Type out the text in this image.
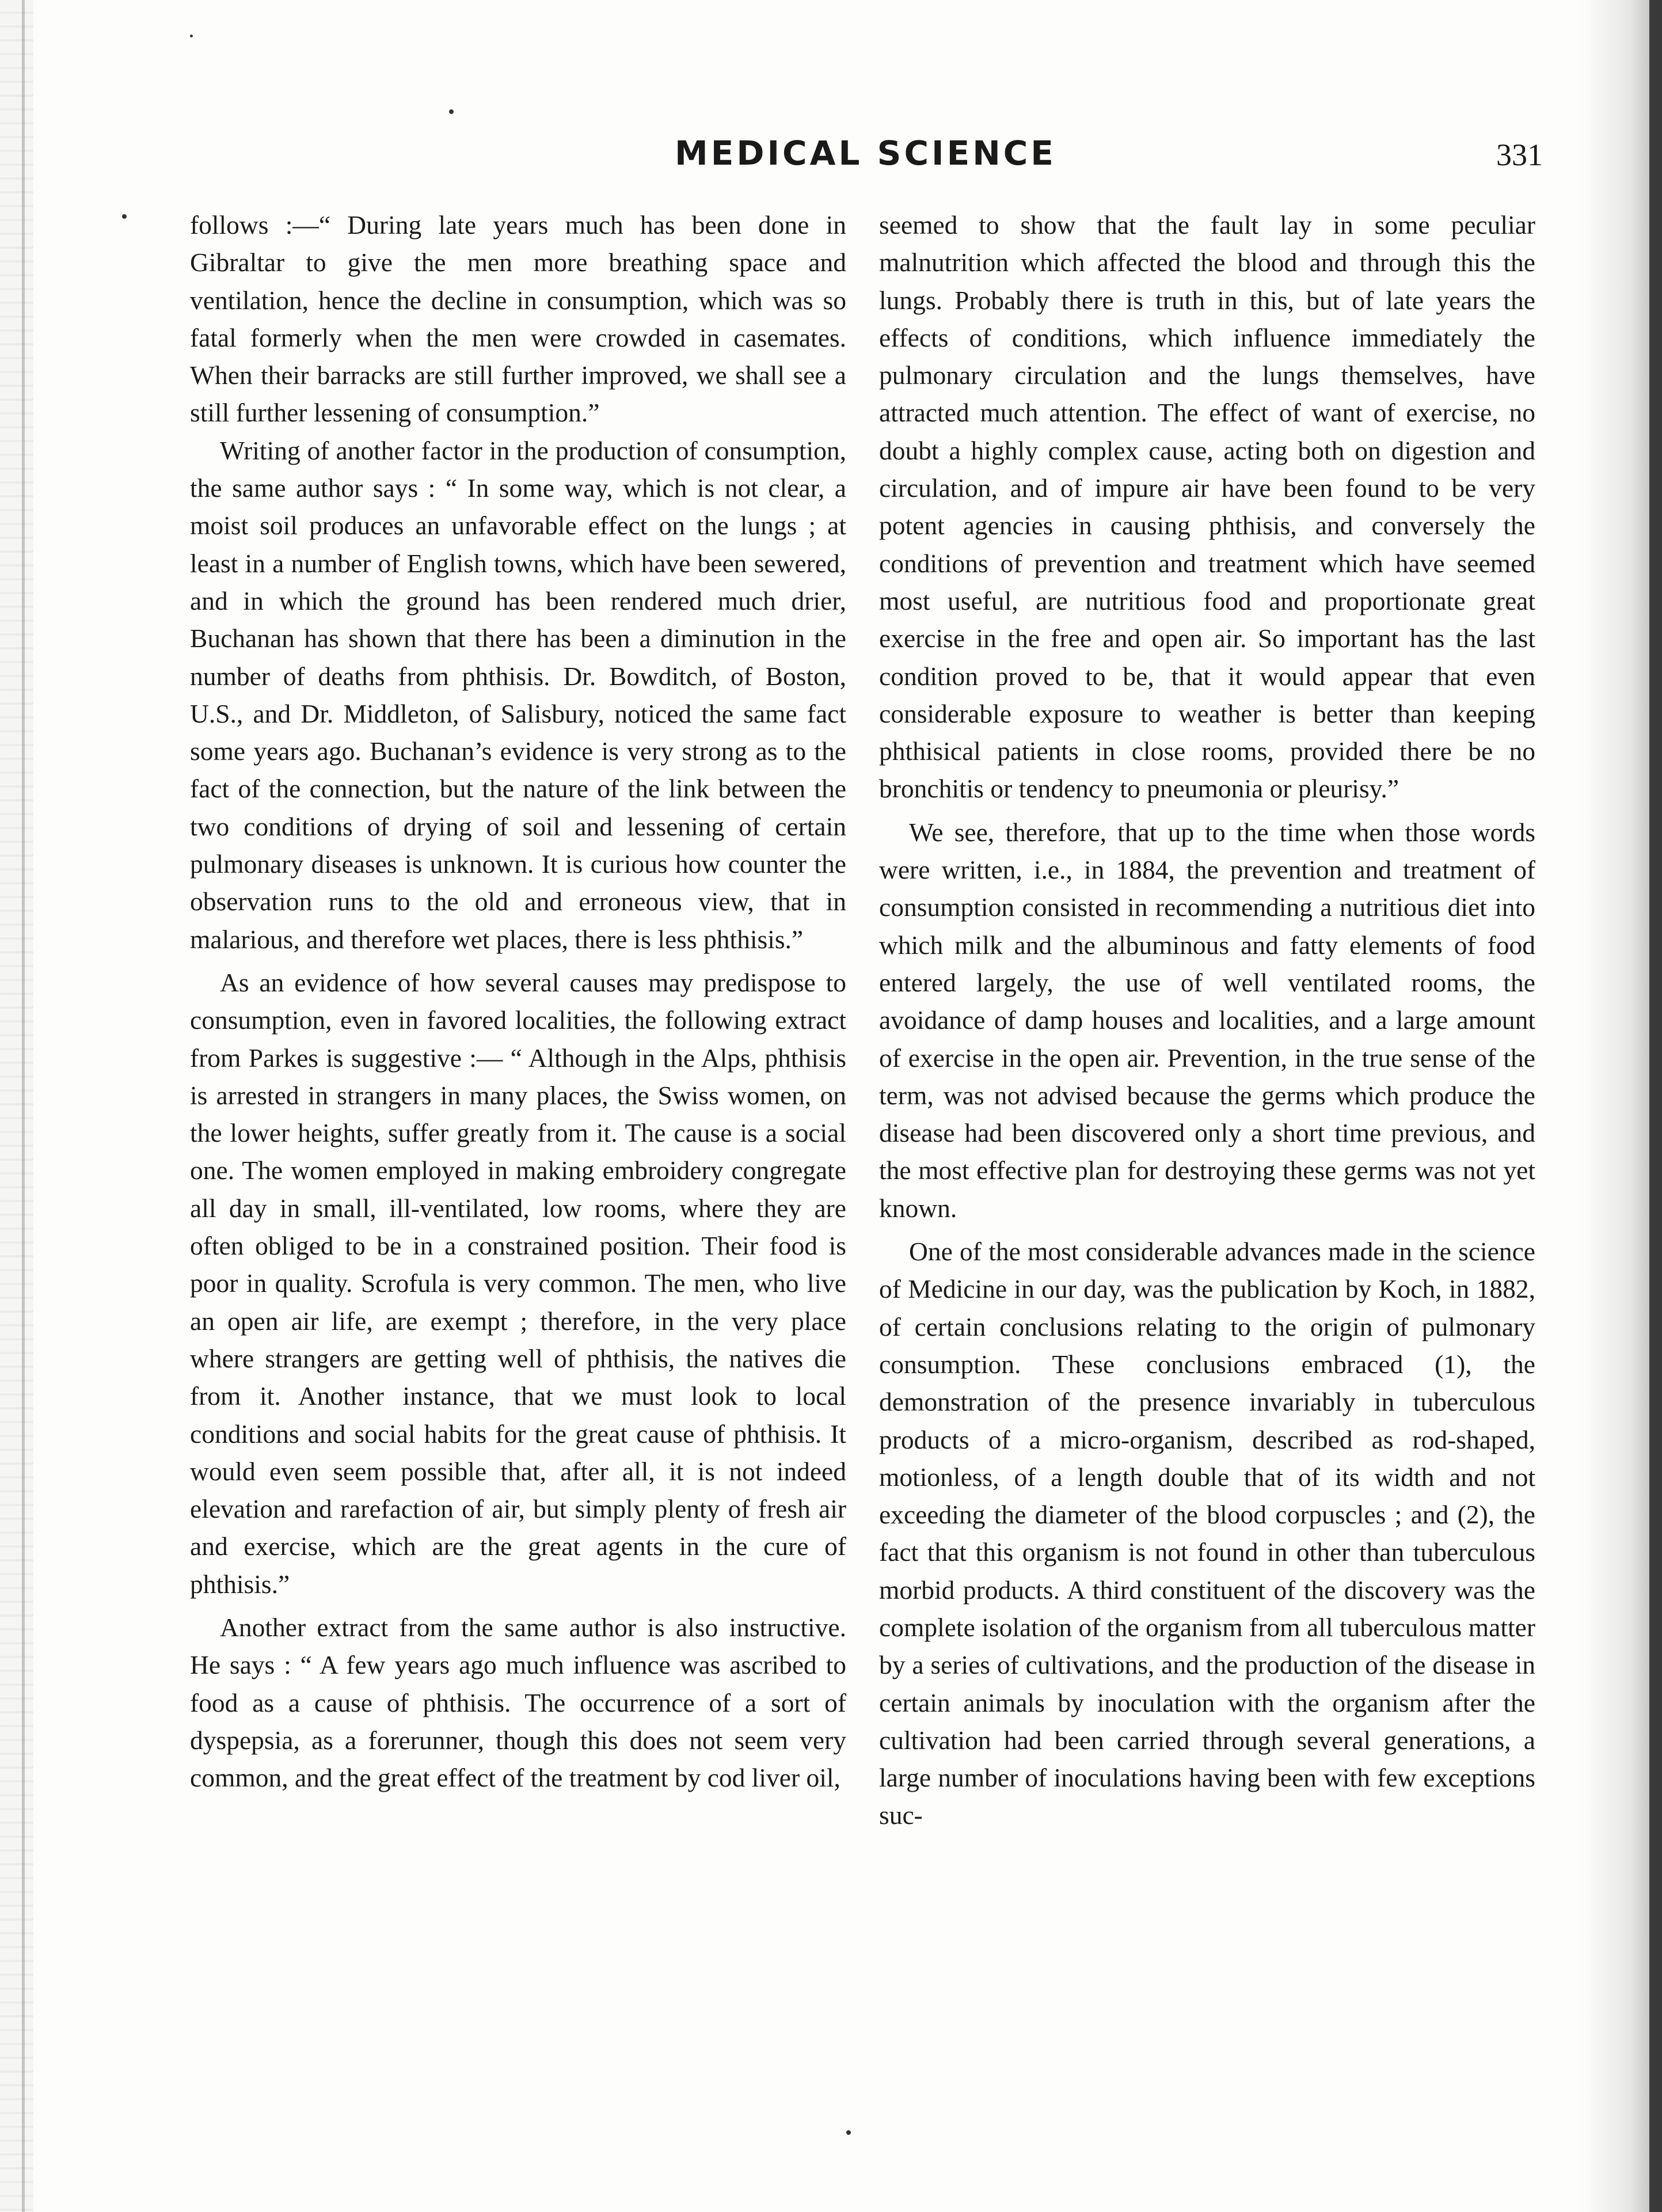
MEDICAL SCIENCE	331

follows :—“ During late years much has been done in Gibraltar to give the men more breathing space and ventilation, hence the decline in consumption, which was so fatal formerly when the men were crowded in casemates. When their barracks are still further improved, we shall see a still further lessening of consumption.”

Writing of another factor in the production of consumption, the same author says : “ In some way, which is not clear, a moist soil produces an unfavorable effect on the lungs ; at least in a number of English towns, which have been sewered, and in which the ground has been rendered much drier, Buchanan has shown that there has been a diminution in the number of deaths from phthisis. Dr. Bowditch, of Boston, U.S., and Dr. Middleton, of Salisbury, noticed the same fact some years ago. Buchanan’s evidence is very strong as to the fact of the connection, but the nature of the link between the two conditions of drying of soil and lessening of certain pulmonary diseases is unknown. It is curious how counter the observation runs to the old and erroneous view, that in malarious, and therefore wet places, there is less phthisis.”

As an evidence of how several causes may predispose to consumption, even in favored localities, the following extract from Parkes is suggestive :— “ Although in the Alps, phthisis is arrested in strangers in many places, the Swiss women, on the lower heights, suffer greatly from it. The cause is a social one. The women employed in making embroidery congregate all day in small, ill-ventilated, low rooms, where they are often obliged to be in a constrained position. Their food is poor in quality. Scrofula is very common. The men, who live an open air life, are exempt ; therefore, in the very place where strangers are getting well of phthisis, the natives die from it. Another instance, that we must look to local conditions and social habits for the great cause of phthisis. It would even seem possible that, after all, it is not indeed elevation and rarefaction of air, but simply plenty of fresh air and exercise, which are the great agents in the cure of phthisis.”

Another extract from the same author is also instructive. He says : “ A few years ago much influence was ascribed to food as a cause of phthisis. The occurrence of a sort of dyspepsia, as a forerunner, though this does not seem very common, and the great effect of the treatment by cod liver oil,

seemed to show that the fault lay in some peculiar malnutrition which affected the blood and through this the lungs. Probably there is truth in this, but of late years the effects of conditions, which influence immediately the pulmonary circulation and the lungs themselves, have attracted much attention. The effect of want of exercise, no doubt a highly complex cause, acting both on digestion and circulation, and of impure air have been found to be very potent agencies in causing phthisis, and conversely the conditions of prevention and treatment which have seemed most useful, are nutritious food and proportionate great exercise in the free and open air. So important has the last condition proved to be, that it would appear that even considerable exposure to weather is better than keeping phthisical patients in close rooms, provided there be no bronchitis or tendency to pneumonia or pleurisy.”

We see, therefore, that up to the time when those words were written, i.e., in 1884, the prevention and treatment of consumption consisted in recommending a nutritious diet into which milk and the albuminous and fatty elements of food entered largely, the use of well ventilated rooms, the avoidance of damp houses and localities, and a large amount of exercise in the open air. Prevention, in the true sense of the term, was not advised because the germs which produce the disease had been discovered only a short time previous, and the most effective plan for destroying these germs was not yet known.

One of the most considerable advances made in the science of Medicine in our day, was the publication by Koch, in 1882, of certain conclusions relating to the origin of pulmonary consumption. These conclusions embraced (1), the demonstration of the presence invariably in tuberculous products of a micro-organism, described as rod-shaped, motionless, of a length double that of its width and not exceeding the diameter of the blood corpuscles ; and (2), the fact that this organism is not found in other than tuberculous morbid products. A third constituent of the discovery was the complete isolation of the organism from all tuberculous matter by a series of cultivations, and the production of the disease in certain animals by inoculation with the organism after the cultivation had been carried through several generations, a large number of inoculations having been with few exceptions suc-
